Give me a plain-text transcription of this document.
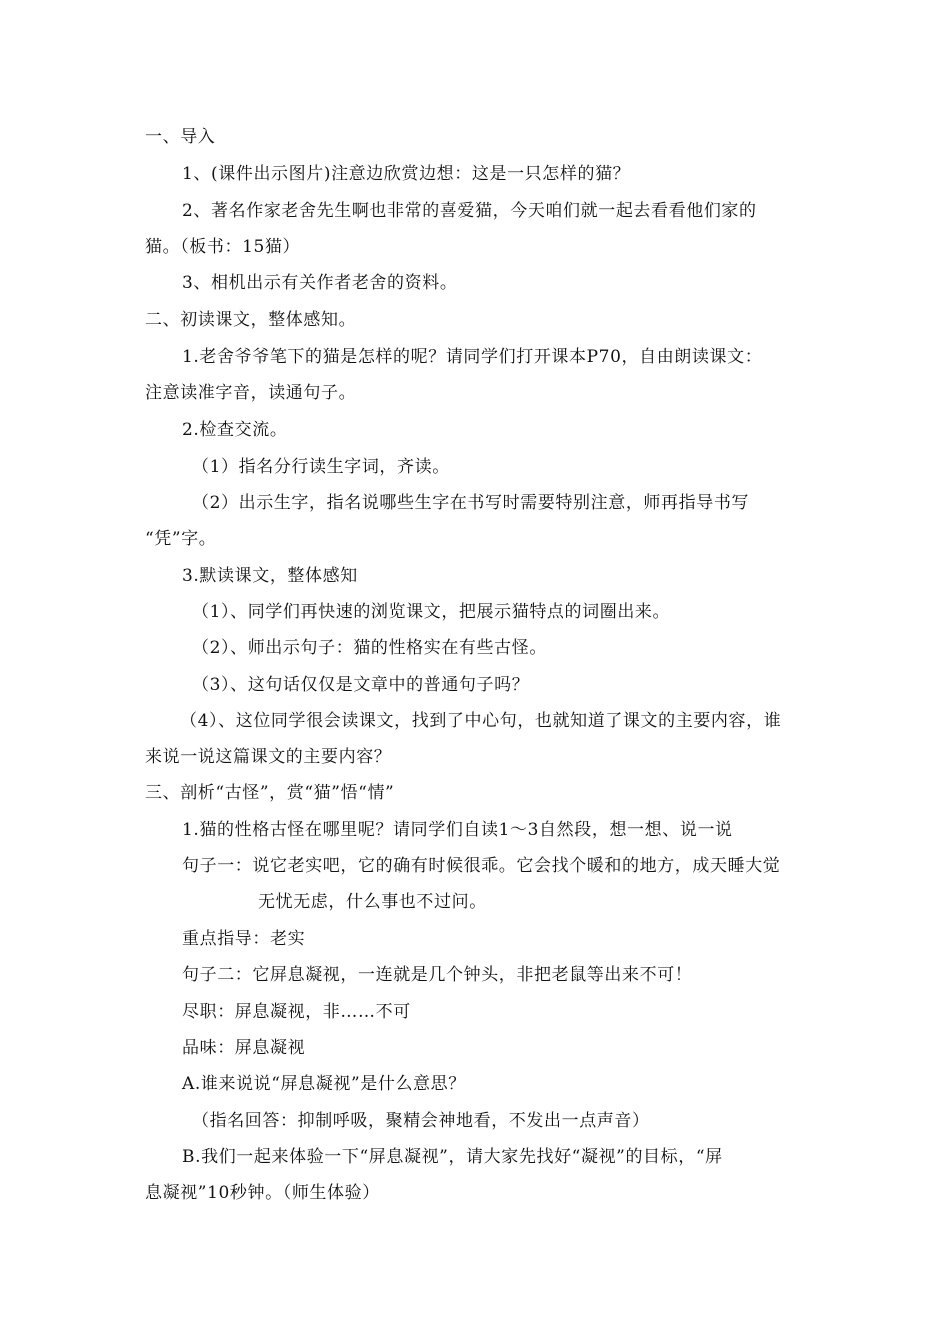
一、导入
1、(课件出示图片)注意边欣赏边想：这是一只怎样的猫？
2、著名作家老舍先生啊也非常的喜爱猫，今天咱们就一起去看看他们家的
猫。（板书：15猫）
3、相机出示有关作者老舍的资料。
二、初读课文，整体感知。
1.老舍爷爷笔下的猫是怎样的呢？请同学们打开课本P70，自由朗读课文：
注意读准字音，读通句子。
2.检查交流。
（1）指名分行读生字词，齐读。
（2）出示生字，指名说哪些生字在书写时需要特别注意，师再指导书写
“凭”字。
3.默读课文，整体感知
（1）、同学们再快速的浏览课文，把展示猫特点的词圈出来。
（2）、师出示句子：猫的性格实在有些古怪。
（3）、这句话仅仅是文章中的普通句子吗？
（4）、这位同学很会读课文，找到了中心句，也就知道了课文的主要内容，谁
来说一说这篇课文的主要内容？
三、剖析“古怪”，赏“猫”悟“情”
1.猫的性格古怪在哪里呢？请同学们自读1～3自然段，想一想、说一说
句子一：说它老实吧，它的确有时候很乖。它会找个暖和的地方，成天睡大觉
无忧无虑，什么事也不过问。
重点指导：老实
句子二：它屏息凝视，一连就是几个钟头，非把老鼠等出来不可！
尽职：屏息凝视，非……不可
品味：屏息凝视
A.谁来说说“屏息凝视”是什么意思？
（指名回答：抑制呼吸，聚精会神地看，不发出一点声音）
B.我们一起来体验一下“屏息凝视”，请大家先找好“凝视”的目标，“屏
息凝视”10秒钟。（师生体验）
